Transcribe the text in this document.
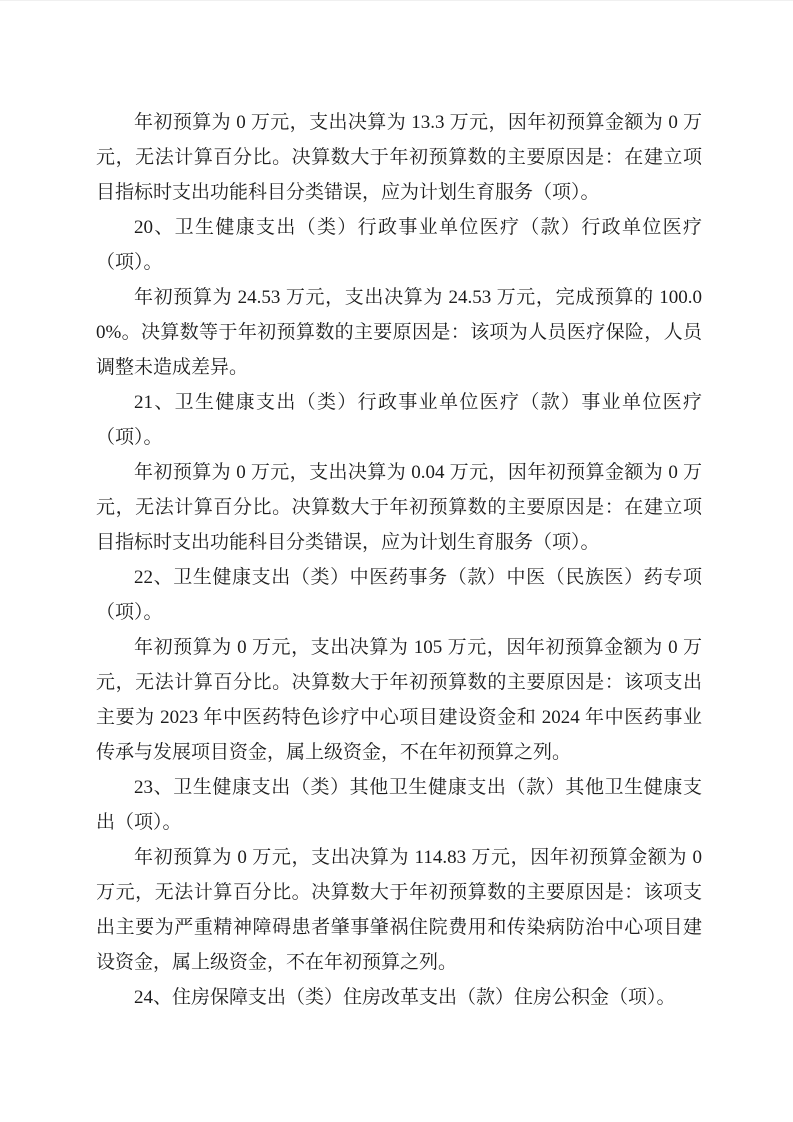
年初预算为 0 万元，支出决算为 13.3 万元，因年初预算金额为 0 万元，无法计算百分比。决算数大于年初预算数的主要原因是：在建立项目指标时支出功能科目分类错误，应为计划生育服务（项）。

20、卫生健康支出（类）行政事业单位医疗（款）行政单位医疗（项）。

年初预算为 24.53 万元，支出决算为 24.53 万元，完成预算的 100.00%。决算数等于年初预算数的主要原因是：该项为人员医疗保险，人员调整未造成差异。

21、卫生健康支出（类）行政事业单位医疗（款）事业单位医疗（项）。

年初预算为 0 万元，支出决算为 0.04 万元，因年初预算金额为 0 万元，无法计算百分比。决算数大于年初预算数的主要原因是：在建立项目指标时支出功能科目分类错误，应为计划生育服务（项）。

22、卫生健康支出（类）中医药事务（款）中医（民族医）药专项（项）。

年初预算为 0 万元，支出决算为 105 万元，因年初预算金额为 0 万元，无法计算百分比。决算数大于年初预算数的主要原因是：该项支出主要为 2023 年中医药特色诊疗中心项目建设资金和 2024 年中医药事业传承与发展项目资金，属上级资金，不在年初预算之列。

23、卫生健康支出（类）其他卫生健康支出（款）其他卫生健康支出（项）。

年初预算为 0 万元，支出决算为 114.83 万元，因年初预算金额为 0 万元，无法计算百分比。决算数大于年初预算数的主要原因是：该项支出主要为严重精神障碍患者肇事肇祸住院费用和传染病防治中心项目建设资金，属上级资金，不在年初预算之列。

24、住房保障支出（类）住房改革支出（款）住房公积金（项）。
